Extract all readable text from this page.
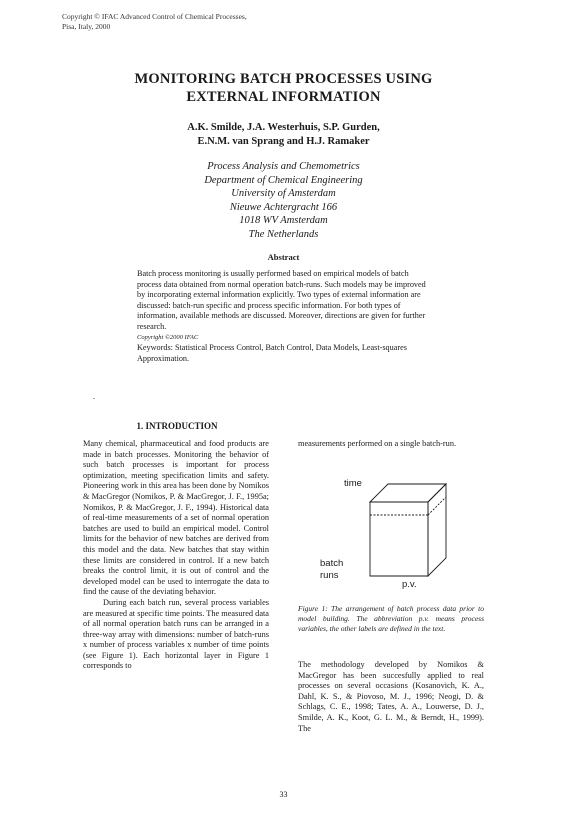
Copyright © IFAC Advanced Control of Chemical Processes,
Pisa, Italy, 2000
MONITORING BATCH PROCESSES USING
EXTERNAL INFORMATION
A.K. Smilde, J.A. Westerhuis, S.P. Gurden,
E.N.M. van Sprang and H.J. Ramaker
Process Analysis and Chemometrics
Department of Chemical Engineering
University of Amsterdam
Nieuwe Achtergracht 166
1018 WV Amsterdam
The Netherlands
Abstract

Batch process monitoring is usually performed based on empirical models of batch process data obtained from normal operation batch-runs. Such models may be improved by incorporating external information explicitly. Two types of external information are discussed: batch-run specific and process specific information. For both types of information, available methods are discussed. Moreover, directions are given for further research.

Copyright ©2000 IFAC

Keywords: Statistical Process Control, Batch Control, Data Models, Least-squares Approximation.

.
1. INTRODUCTION

Many chemical, pharmaceutical and food products are made in batch processes. Monitoring the behavior of such batch processes is important for process optimization, meeting specification limits and safety. Pioneering work in this area has been done by Nomikos & MacGregor (Nomikos, P. & MacGregor, J. F., 1995a; Nomikos, P. & MacGregor, J. F., 1994). Historical data of real-time measurements of a set of normal operation batches are used to build an empirical model. Control limits for the behavior of new batches are derived from this model and the data. New batches that stay within these limits are considered in control. If a new batch breaks the control limit, it is out of control and the developed model can be used to interrogate the data to find the cause of the deviating behavior.

During each batch run, several process variables are measured at specific time points. The measured data of all normal operation batch runs can be arranged in a three-way array with dimensions: number of batch-runs x number of process variables x number of time points (see Figure 1). Each horizontal layer in Figure 1 corresponds to

measurements performed on a single batch-run.

time
batch
runs
p.v.

Figure 1: The arrangement of batch process data prior to model building. The abbreviation p.v. means process variables, the other labels are defined in the text.

The methodology developed by Nomikos & MacGregor has been succesfully applied to real processes on several occasions (Kosanovich, K. A., Dahl, K. S., & Piovoso, M. J., 1996; Neogi, D. & Schlags, C. E., 1998; Tates, A. A., Louwerse, D. J., Smilde, A. K., Koot, G. L. M., & Berndt, H., 1999). The

33
